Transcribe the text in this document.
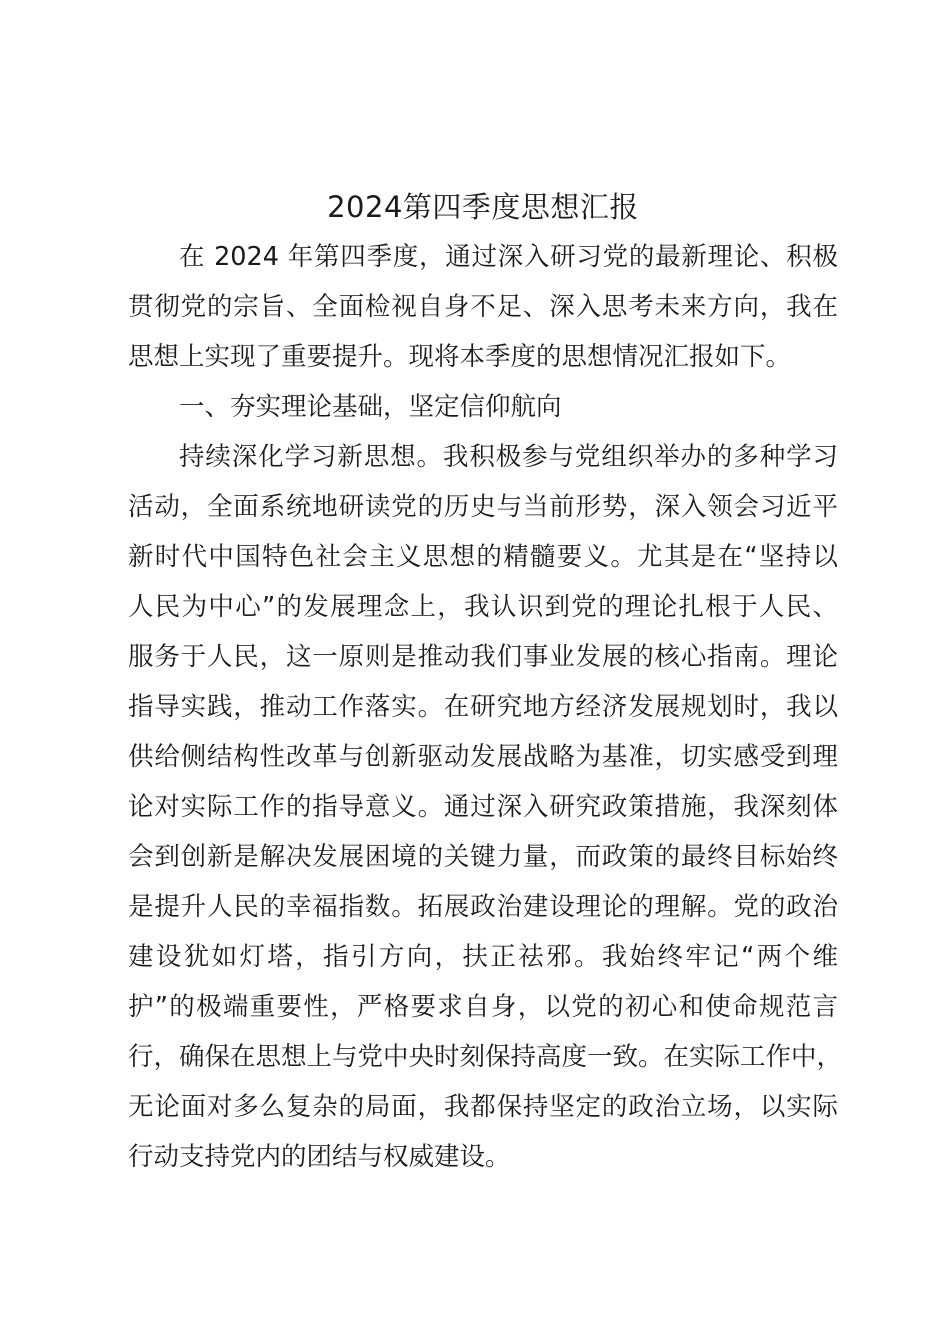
2024第四季度思想汇报
在 2024 年第四季度，通过深入研习党的最新理论、积极
贯彻党的宗旨、全面检视自身不足、深入思考未来方向，我在
思想上实现了重要提升。现将本季度的思想情况汇报如下。
一、夯实理论基础，坚定信仰航向
持续深化学习新思想。我积极参与党组织举办的多种学习
活动，全面系统地研读党的历史与当前形势，深入领会习近平
新时代中国特色社会主义思想的精髓要义。尤其是在“坚持以
人民为中心”的发展理念上，我认识到党的理论扎根于人民、
服务于人民，这一原则是推动我们事业发展的核心指南。理论
指导实践，推动工作落实。在研究地方经济发展规划时，我以
供给侧结构性改革与创新驱动发展战略为基准，切实感受到理
论对实际工作的指导意义。通过深入研究政策措施，我深刻体
会到创新是解决发展困境的关键力量，而政策的最终目标始终
是提升人民的幸福指数。拓展政治建设理论的理解。党的政治
建设犹如灯塔，指引方向，扶正祛邪。我始终牢记“两个维
护”的极端重要性，严格要求自身，以党的初心和使命规范言
行，确保在思想上与党中央时刻保持高度一致。在实际工作中，
无论面对多么复杂的局面，我都保持坚定的政治立场，以实际
行动支持党内的团结与权威建设。
